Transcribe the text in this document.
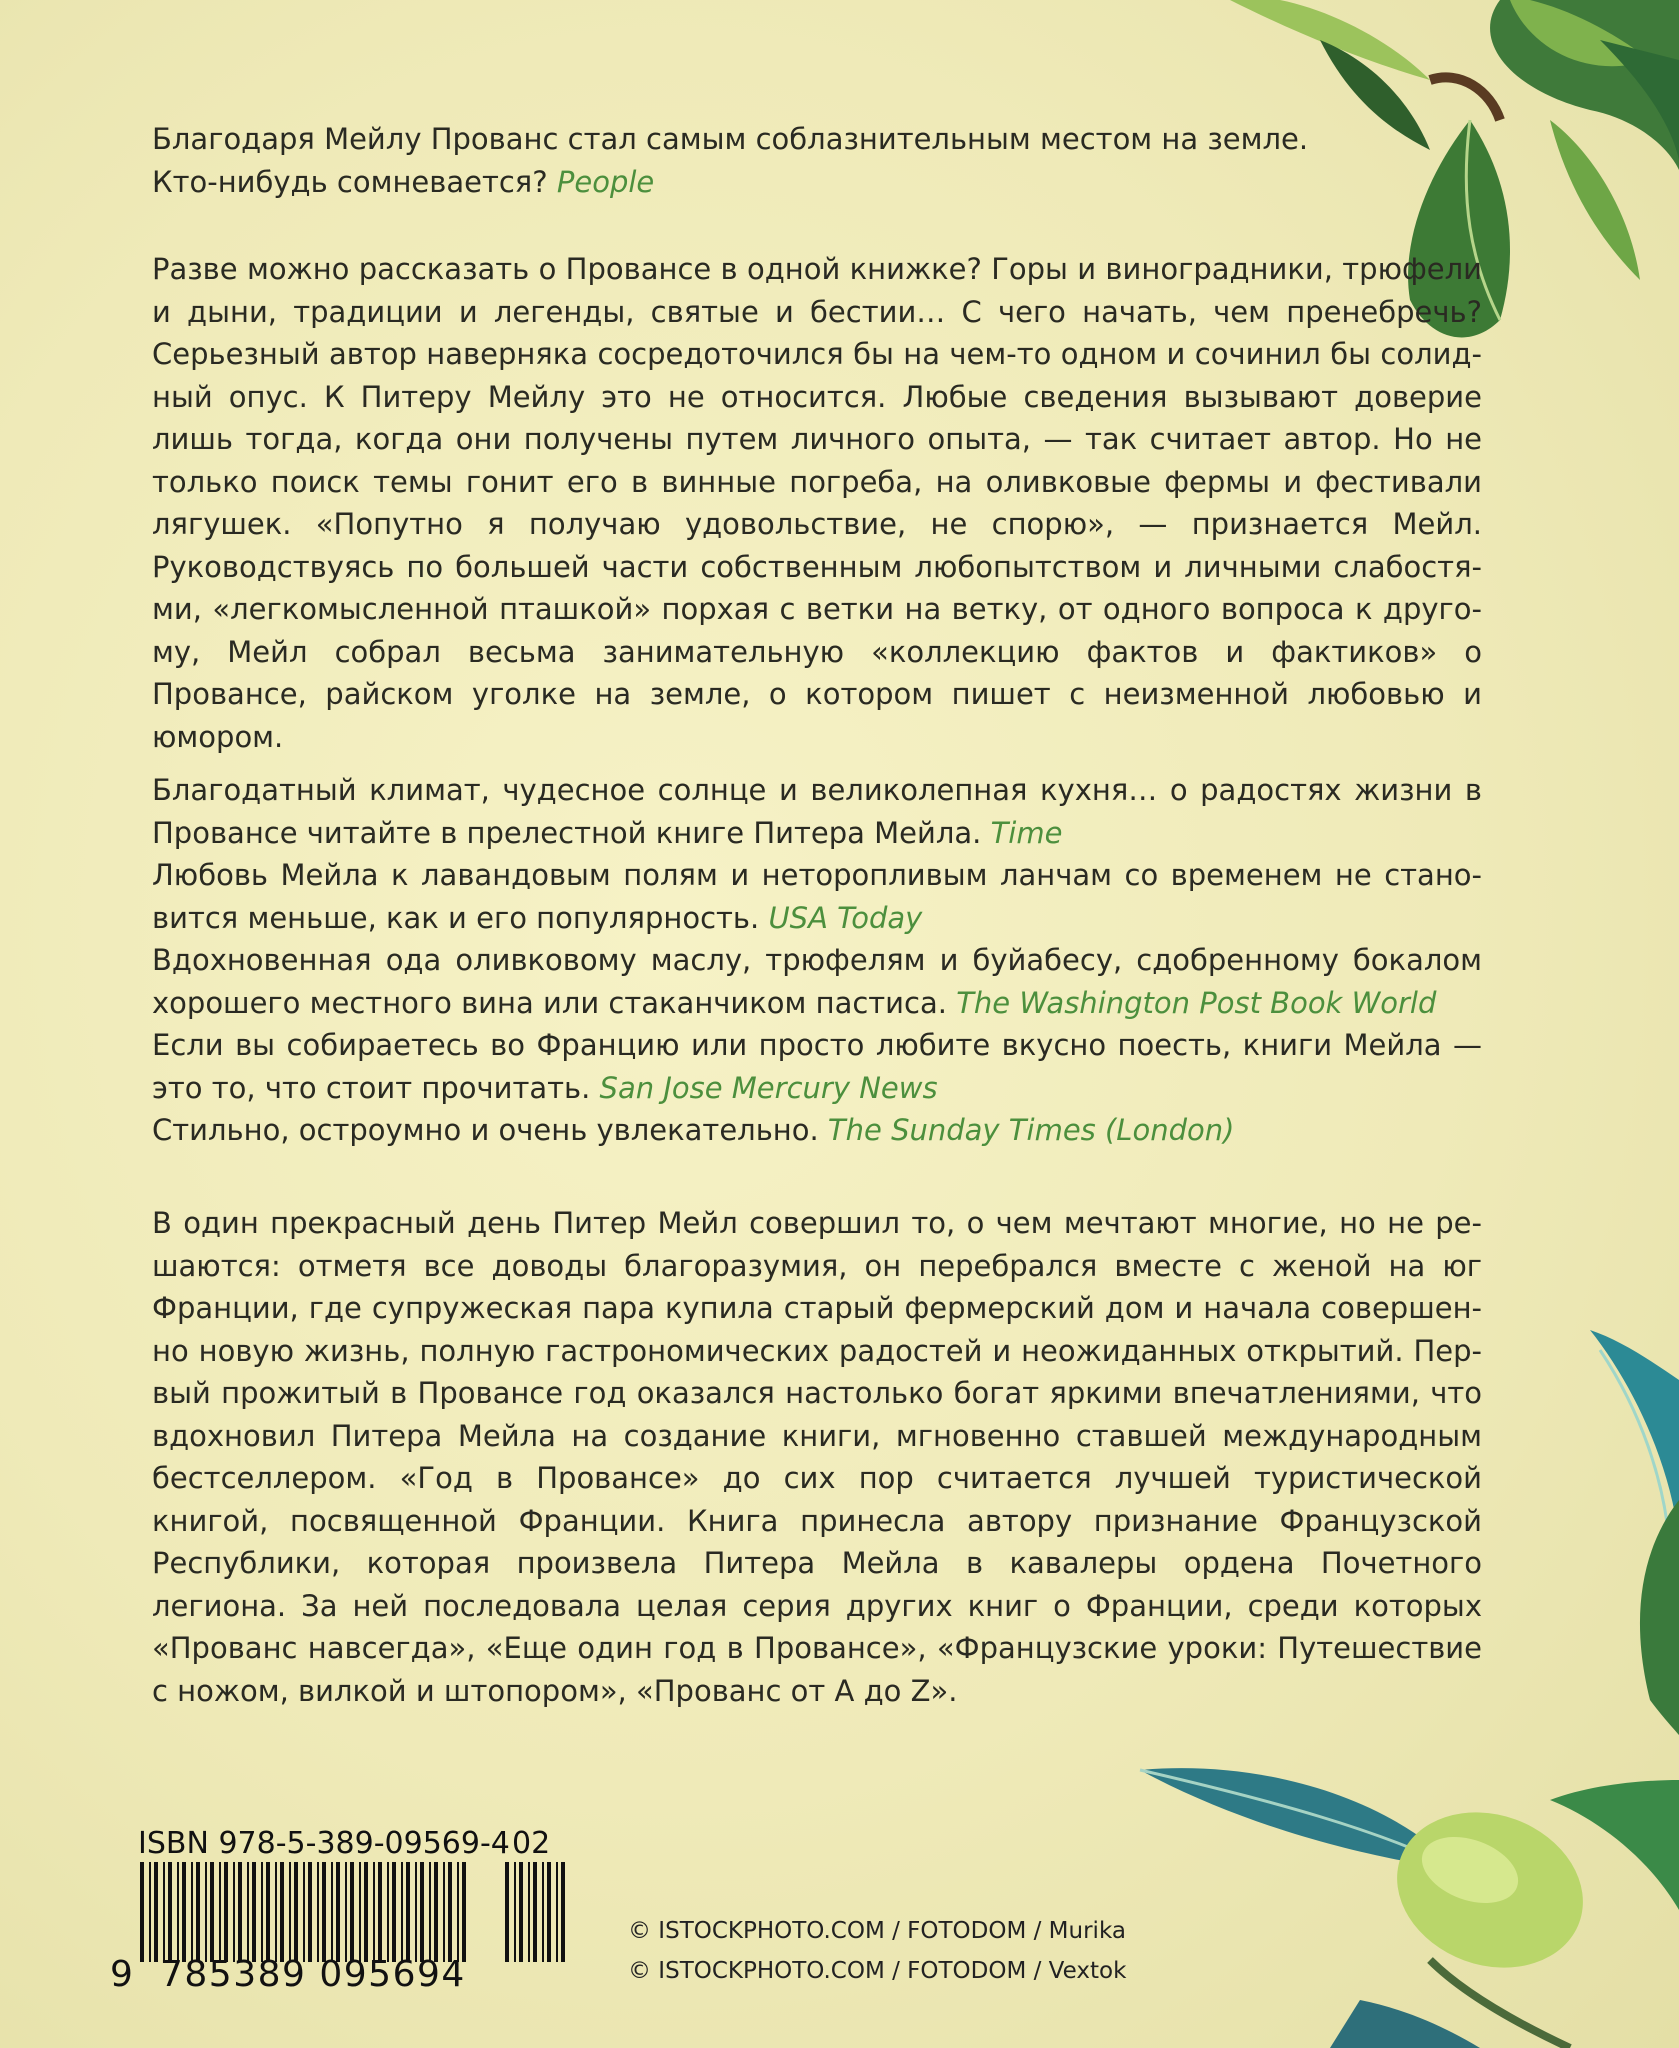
Благодаря Мейлу Прованс стал самым соблазнительным местом на земле.
Кто-нибудь сомневается? People

Разве можно рассказать о Провансе в одной книжке? Горы и виноградники, трюфели и дыни, традиции и легенды, святые и бестии… С чего начать, чем пренебречь? Серьезный автор наверняка сосредоточился бы на чем-то одном и сочинил бы солидный опус. К Питеру Мейлу это не относится. Любые сведения вызывают доверие лишь тогда, когда они получены путем личного опыта, — так считает автор. Но не только поиск темы гонит его в винные погреба, на оливковые фермы и фестивали лягушек. «Попутно я получаю удовольствие, не спорю», — признается Мейл. Руководствуясь по большей части собственным любопытством и личными слабостями, «легкомысленной пташкой» порхая с ветки на ветку, от одного вопроса к другому, Мейл собрал весьма занимательную «коллекцию фактов и фактиков» о Провансе, райском уголке на земле, о котором пишет с неизменной любовью и юмором.

Благодатный климат, чудесное солнце и великолепная кухня… о радостях жизни в Провансе читайте в прелестной книге Питера Мейла. Time
Любовь Мейла к лавандовым полям и неторопливым ланчам со временем не становится меньше, как и его популярность. USA Today
Вдохновенная ода оливковому маслу, трюфелям и буйабесу, сдобренному бокалом хорошего местного вина или стаканчиком пастиса. The Washington Post Book World
Если вы собираетесь во Францию или просто любите вкусно поесть, книги Мейла — это то, что стоит прочитать. San Jose Mercury News
Стильно, остроумно и очень увлекательно. The Sunday Times (London)

В один прекрасный день Питер Мейл совершил то, о чем мечтают многие, но не решаются: отметя все доводы благоразумия, он перебрался вместе с женой на юг Франции, где супружеская пара купила старый фермерский дом и начала совершенно новую жизнь, полную гастрономических радостей и неожиданных открытий. Первый прожитый в Провансе год оказался настолько богат яркими впечатлениями, что вдохновил Питера Мейла на создание книги, мгновенно ставшей международным бестселлером. «Год в Провансе» до сих пор считается лучшей туристической книгой, посвященной Франции. Книга принесла автору признание Французской Республики, которая произвела Питера Мейла в кавалеры ордена Почетного легиона. За ней последовала целая серия других книг о Франции, среди которых «Прованс навсегда», «Еще один год в Провансе», «Французские уроки: Путешествие с ножом, вилкой и штопором», «Прованс от А до Z».

ISBN 978-5-389-09569-4 02
9 785389 095694
© ISTOCKPHOTO.COM / FOTODOM / Murika
© ISTOCKPHOTO.COM / FOTODOM / Vextok
